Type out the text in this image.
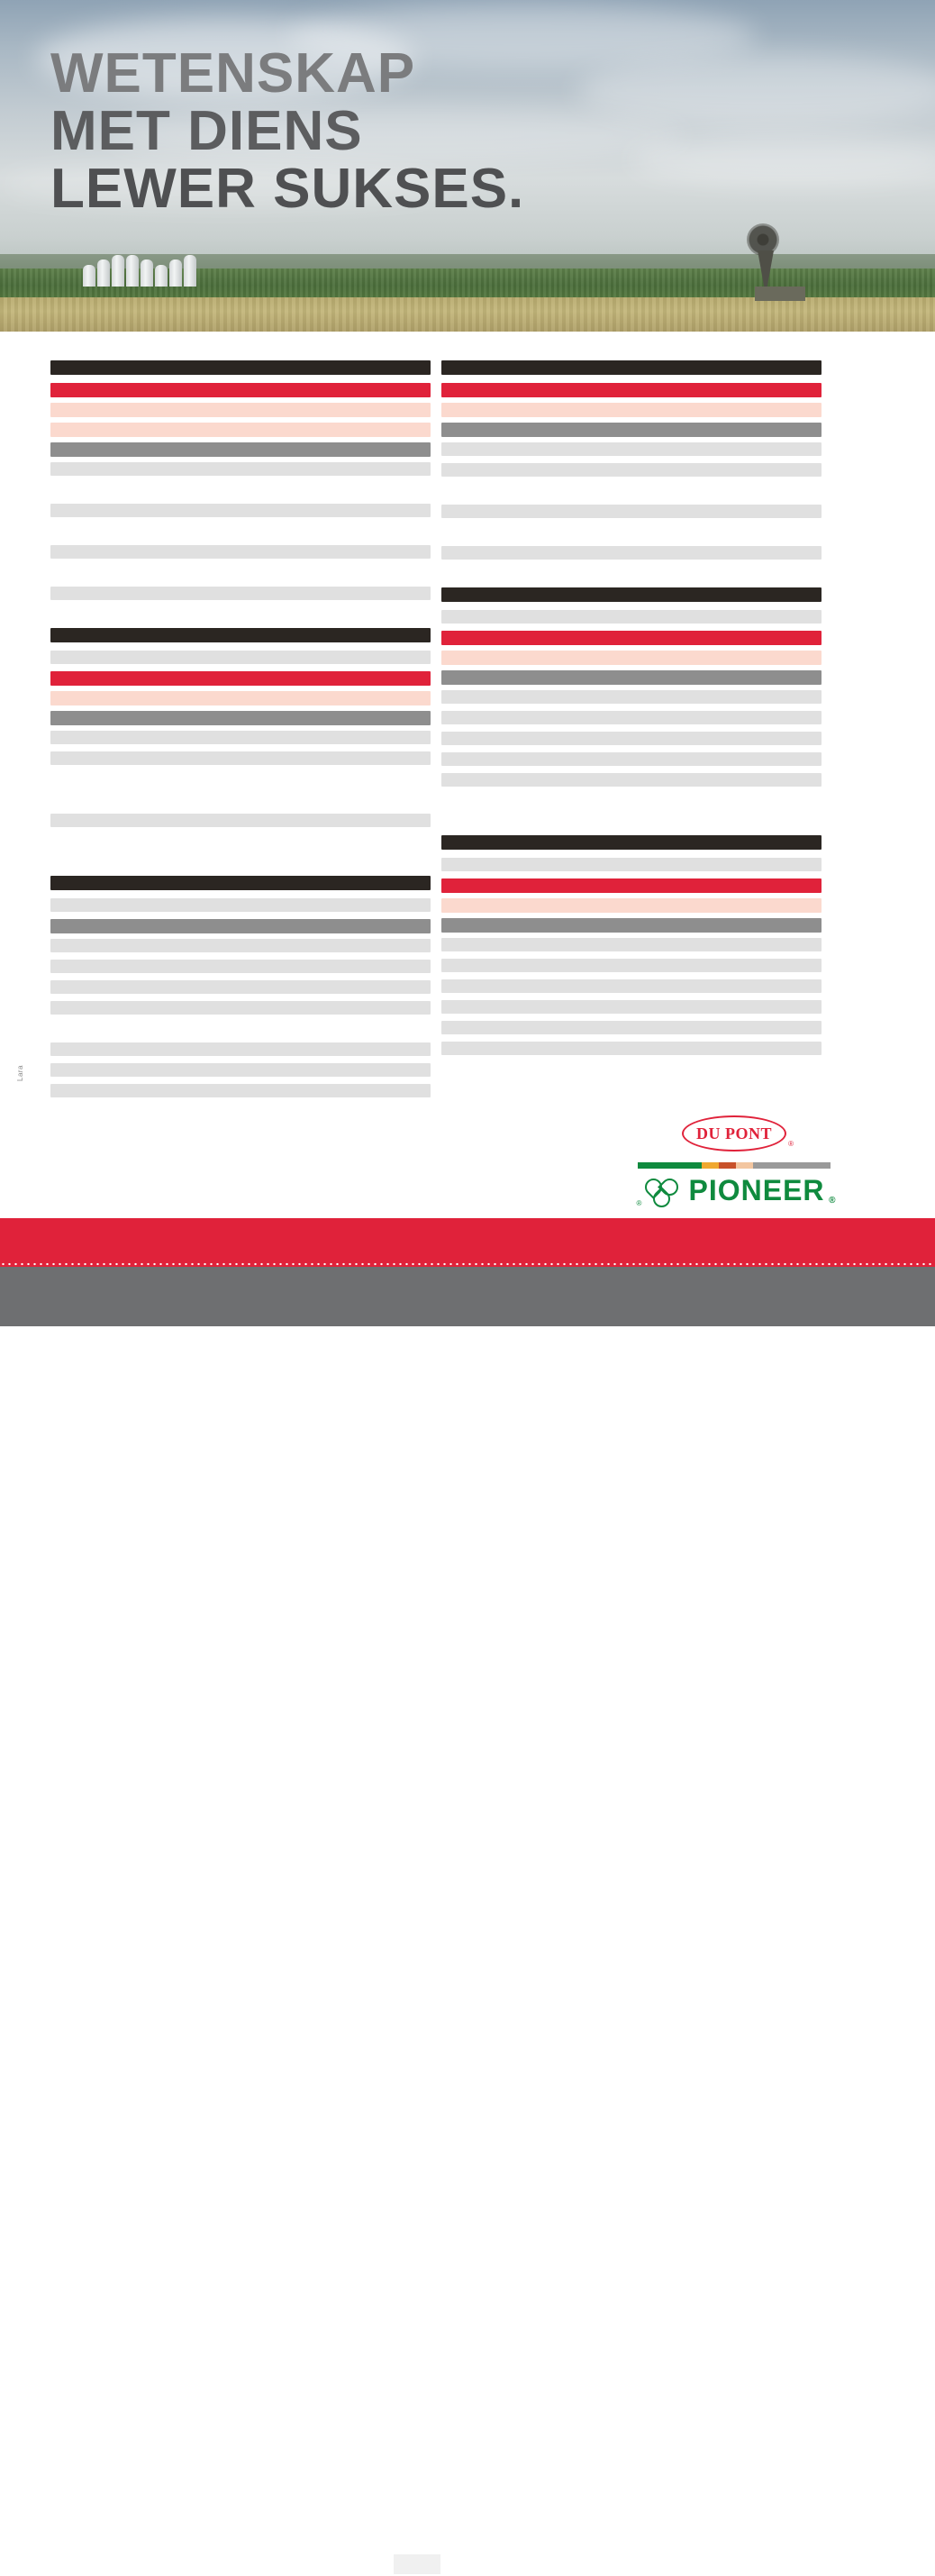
WETENSKAP
MET DIENS
LEWER SUKSES.
Lara
DU PONT
®
® PIONEER ®
SA G RAAN
RAIN
